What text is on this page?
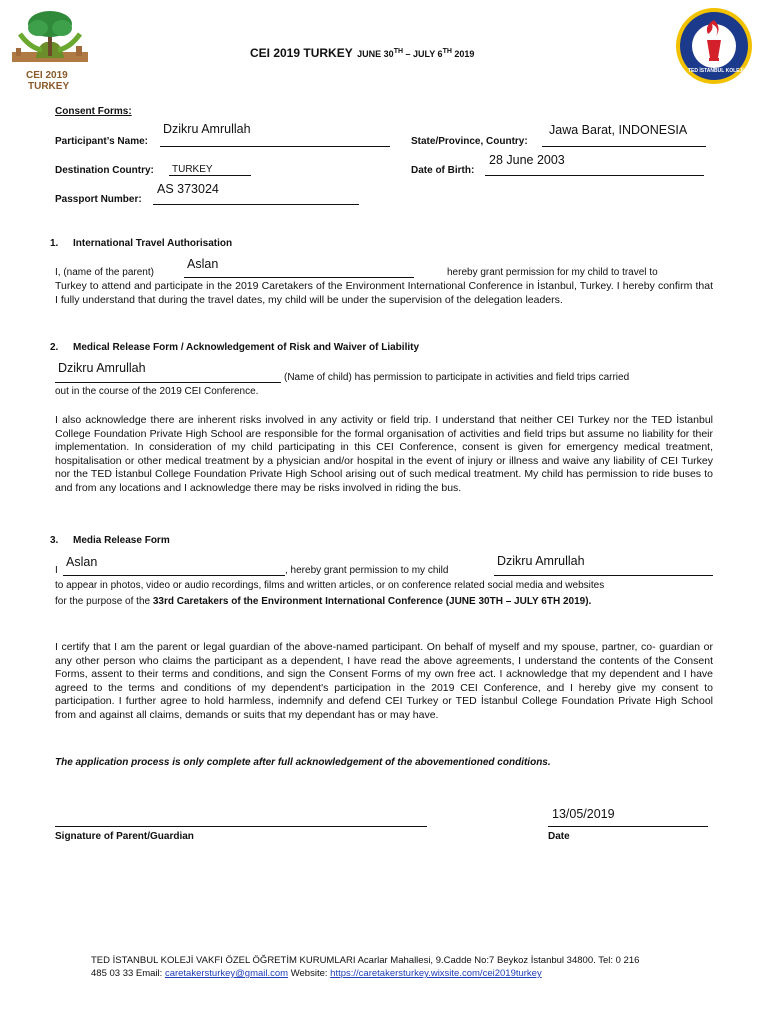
CEI 2019
TURKEY
CEI 2019 TURKEY JUNE 30TH – JULY 6TH 2019
TED İSTANBUL KOLEJİ
Consent Forms:
Participant’s Name:
Dzikru Amrullah
State/Province, Country:
Jawa Barat, INDONESIA
Destination Country: TURKEY	Date of Birth:
28 June 2003
Passport Number:
AS 373024
1. International Travel Authorisation
Aslan
I, (name of the parent)	hereby grant permission for my child to travel to
Turkey to attend and participate in the 2019 Caretakers of the Environment International Conference in İstanbul, Turkey. I hereby confirm that I fully understand that during the travel dates, my child will be under the supervision of the delegation leaders.
2. Medical Release Form / Acknowledgement of Risk and Waiver of Liability
Dzikru Amrullah
(Name of child) has permission to participate in activities and field trips carried
out in the course of the 2019 CEI Conference.
I also acknowledge there are inherent risks involved in any activity or field trip. I understand that neither CEI Turkey nor the TED İstanbul College Foundation Private High School are responsible for the formal organisation of activities and field trips but assume no liability for their implementation. In consideration of my child participating in this CEI Conference, consent is given for emergency medical treatment, hospitalisation or other medical treatment by a physician and/or hospital in the event of injury or illness and waive any liability of CEI Turkey nor the TED İstanbul College Foundation Private High School arising out of such medical treatment. My child has permission to ride buses to and from any locations and I acknowledge there may be risks involved in riding the bus.
3. Media Release Form
Aslan	Dzikru Amrullah
I	, hereby grant permission to my child
to appear in photos, video or audio recordings, films and written articles, or on conference related social media and websites
for the purpose of the 33rd Caretakers of the Environment International Conference (JUNE 30TH – JULY 6TH 2019).
I certify that I am the parent or legal guardian of the above-named participant. On behalf of myself and my spouse, partner, co- guardian or any other person who claims the participant as a dependent, I have read the above agreements, I understand the contents of the Consent Forms, assent to their terms and conditions, and sign the Consent Forms of my own free act. I acknowledge that my dependent and I have agreed to the terms and conditions of my dependent's participation in the 2019 CEI Conference, and I hereby give my consent to participation. I further agree to hold harmless, indemnify and defend CEI Turkey or TED İstanbul College Foundation Private High School from and against all claims, demands or suits that my dependant has or may have.
The application process is only complete after full acknowledgement of the abovementioned conditions.
Signature of Parent/Guardian
13/05/2019
Date
TED İSTANBUL KOLEJİ VAKFI ÖZEL ÖĞRETİM KURUMLARI Acarlar Mahallesi, 9.Cadde No:7 Beykoz İstanbul 34800. Tel: 0 216
485 03 33 Email: caretakersturkey@gmail.com Website: https://caretakersturkey.wixsite.com/cei2019turkey
